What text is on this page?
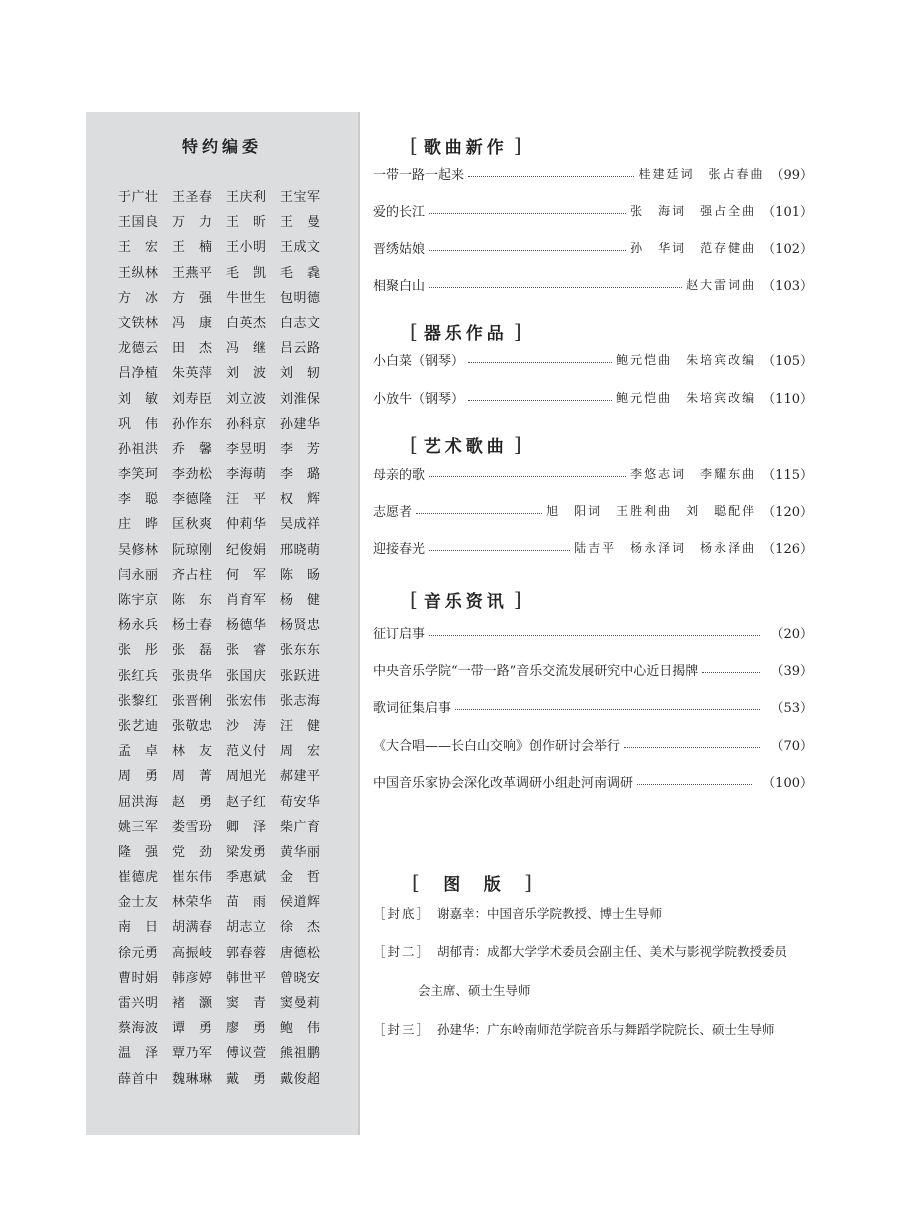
特约编委
于广壮	王圣春	王庆利	王宝军
王国良	万　力	王　昕	王　曼
王　宏	王　楠	王小明	王成文
王纵林	王燕平	毛　凯	毛　毳
方　冰	方　强	牛世生	包明德
文铁林	冯　康	白英杰	白志文
龙德云	田　杰	冯　继	吕云路
吕净植	朱英萍	刘　波	刘　轫
刘　敏	刘寿臣	刘立波	刘淮保
巩　伟	孙作东	孙科京	孙建华
孙祖洪	乔　馨	李昱明	李　芳
李笑珂	李劲松	李海萌	李　璐
李　聪	李德隆	汪　平	权　辉
庄　晔	匡秋爽	仲莉华	吴成祥
吴修林	阮琼刚	纪俊娟	邢晓萌
闫永丽	齐占柱	何　军	陈　旸
陈宇京	陈　东	肖育军	杨　健
杨永兵	杨士春	杨德华	杨贤忠
张　彤	张　磊	张　睿	张东东
张红兵	张贵华	张国庆	张跃进
张黎红	张晋俐	张宏伟	张志海
张艺迪	张敬忠	沙　涛	汪　健
孟　卓	林　友	范义付	周　宏
周　勇	周　菁	周旭光	郝建平
屈洪海	赵　勇	赵子红	荀安华
姚三军	娄雪玢	卿　泽	柴广育
隆　强	党　劲	梁发勇	黄华丽
崔德虎	崔东伟	季惠斌	金　哲
金士友	林荣华	苗　雨	侯道辉
南　日	胡满春	胡志立	徐　杰
徐元勇	高振岐	郭春蓉	唐德松
曹时娟	韩彦婷	韩世平	曾晓安
雷兴明	褚　灏	窦　青	窦曼莉
蔡海波	谭　勇	廖　勇	鲍　伟
温　泽	覃乃军	傅议萱	熊祖鹏
薛首中	魏琳琳	戴　勇	戴俊超
[ 歌曲新作 ]
一带一路一起来	桂建廷词　张占春曲 （99）
爱的长江	张　海词　强占全曲 （101）
晋绣姑娘	孙　华词　范存健曲 （102）
相聚白山	赵大雷词曲 （103）
[ 器乐作品 ]
小白菜（钢琴）	鲍元恺曲　朱培宾改编 （105）
小放牛（钢琴）	鲍元恺曲　朱培宾改编 （110）
[ 艺术歌曲 ]
母亲的歌	李悠志词　李耀东曲 （115）
志愿者	旭　阳词　王胜利曲　刘　聪配伴 （120）
迎接春光	陆吉平　杨永泽词　杨永泽曲 （126）
[ 音乐资讯 ]
征订启事	（20）
中央音乐学院“一带一路”音乐交流发展研究中心近日揭牌	（39）
歌词征集启事	（53）
《大合唱——长白山交响》创作研讨会举行	（70）
中国音乐家协会深化改革调研小组赴河南调研	（100）
[ 图 版 ]
［封底］ 谢嘉幸：中国音乐学院教授、博士生导师
［封二］ 胡郁青：成都大学学术委员会副主任、美术与影视学院教授委员
会主席、硕士生导师
［封三］ 孙建华：广东岭南师范学院音乐与舞蹈学院院长、硕士生导师
